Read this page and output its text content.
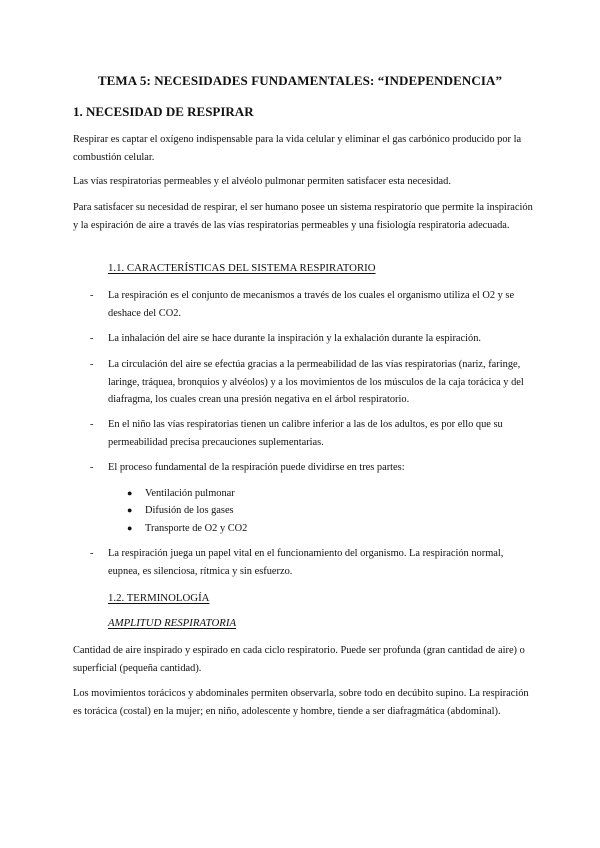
TEMA 5: NECESIDADES FUNDAMENTALES: “INDEPENDENCIA”
1. NECESIDAD DE RESPIRAR
Respirar es captar el oxígeno indispensable para la vida celular y eliminar el gas carbónico producido por la combustión celular.
Las vías respiratorias permeables y el alvéolo pulmonar permiten satisfacer esta necesidad.
Para satisfacer su necesidad de respirar, el ser humano posee un sistema respiratorio que permite la inspiración y la espiración de aire a través de las vías respiratorias permeables y una fisiología respiratoria adecuada.
1.1. CARACTERÍSTICAS DEL SISTEMA RESPIRATORIO
- La respiración es el conjunto de mecanismos a través de los cuales el organismo utiliza el O2 y se deshace del CO2.
- La inhalación del aire se hace durante la inspiración y la exhalación durante la espiración.
- La circulación del aire se efectúa gracias a la permeabilidad de las vías respiratorias (nariz, faringe, laringe, tráquea, bronquios y alvéolos) y a los movimientos de los músculos de la caja torácica y del diafragma, los cuales crean una presión negativa en el árbol respiratorio.
- En el niño las vías respiratorias tienen un calibre inferior a las de los adultos, es por ello que su permeabilidad precisa precauciones suplementarias.
- El proceso fundamental de la respiración puede dividirse en tres partes:
● Ventilación pulmonar
● Difusión de los gases
● Transporte de O2 y CO2
- La respiración juega un papel vital en el funcionamiento del organismo. La respiración normal, eupnea, es silenciosa, rítmica y sin esfuerzo.
1.2. TERMINOLOGÍA
AMPLITUD RESPIRATORIA
Cantidad de aire inspirado y espirado en cada ciclo respiratorio. Puede ser profunda (gran cantidad de aire) o superficial (pequeña cantidad).
Los movimientos torácicos y abdominales permiten observarla, sobre todo en decúbito supino. La respiración es torácica (costal) en la mujer; en niño, adolescente y hombre, tiende a ser diafragmática (abdominal).
